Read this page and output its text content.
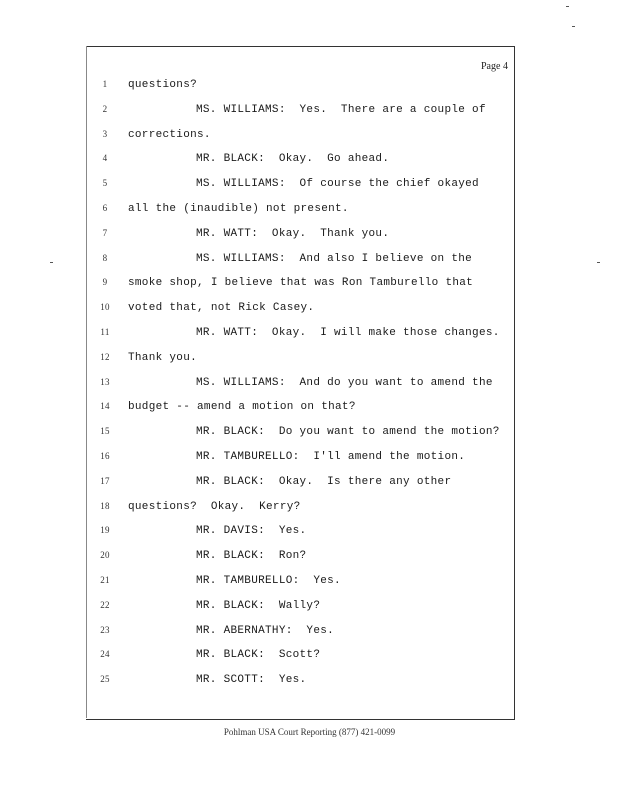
Page 4
1	questions?
2	MS. WILLIAMS:  Yes.  There are a couple of
3	corrections.
4	MR. BLACK:  Okay.  Go ahead.
5	MS. WILLIAMS:  Of course the chief okayed
6	all the (inaudible) not present.
7	MR. WATT:  Okay.  Thank you.
8	MS. WILLIAMS:  And also I believe on the
9	smoke shop, I believe that was Ron Tamburello that
10	voted that, not Rick Casey.
11	MR. WATT:  Okay.  I will make those changes.
12	Thank you.
13	MS. WILLIAMS:  And do you want to amend the
14	budget -- amend a motion on that?
15	MR. BLACK:  Do you want to amend the motion?
16	MR. TAMBURELLO:  I'll amend the motion.
17	MR. BLACK:  Okay.  Is there any other
18	questions?  Okay.  Kerry?
19	MR. DAVIS:  Yes.
20	MR. BLACK:  Ron?
21	MR. TAMBURELLO:  Yes.
22	MR. BLACK:  Wally?
23	MR. ABERNATHY:  Yes.
24	MR. BLACK:  Scott?
25	MR. SCOTT:  Yes.
Pohlman USA Court Reporting (877) 421-0099
